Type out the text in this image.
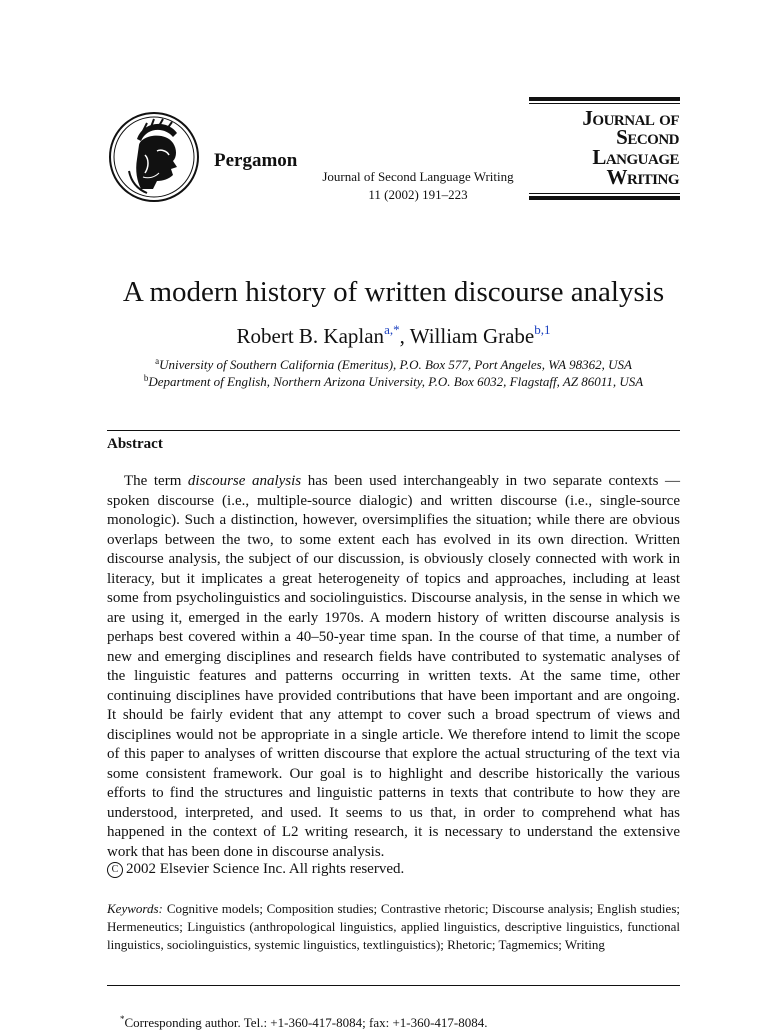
Pergamon
Journal of Second Language Writing
11 (2002) 191–223
Journal of
Second
Language
Writing
A modern history of written discourse analysis
Robert B. Kaplan$^{a,*}$, William Grabe$^{b,1}$
$^a$University of Southern California (Emeritus), P.O. Box 577, Port Angeles, WA 98362, USA
$^b$Department of English, Northern Arizona University, P.O. Box 6032, Flagstaff, AZ 86011, USA
Abstract

The term discourse analysis has been used interchangeably in two separate contexts — spoken discourse (i.e., multiple-source dialogic) and written discourse (i.e., single-source monologic). Such a distinction, however, oversimplifies the situation; while there are obvious overlaps between the two, to some extent each has evolved in its own direction. Written discourse analysis, the subject of our discussion, is obviously closely connected with work in literacy, but it implicates a great heterogeneity of topics and approaches, including at least some from psycholinguistics and sociolinguistics. Discourse analysis, in the sense in which we are using it, emerged in the early 1970s. A modern history of written discourse analysis is perhaps best covered within a 40–50-year time span. In the course of that time, a number of new and emerging disciplines and research fields have contributed to systematic analyses of the linguistic features and patterns occurring in written texts. At the same time, other continuing disciplines have provided contributions that have been important and are ongoing. It should be fairly evident that any attempt to cover such a broad spectrum of views and disciplines would not be appropriate in a single article. We therefore intend to limit the scope of this paper to analyses of written discourse that explore the actual structuring of the text via some consistent framework. Our goal is to highlight and describe historically the various efforts to find the structures and linguistic patterns in texts that contribute to how they are understood, interpreted, and used. It seems to us that, in order to comprehend what has happened in the context of L2 writing research, it is necessary to understand the extensive work that has been done in discourse analysis.

C 2002 Elsevier Science Inc. All rights reserved.

Keywords: Cognitive models; Composition studies; Contrastive rhetoric; Discourse analysis; English studies; Hermeneutics; Linguistics (anthropological linguistics, applied linguistics, descriptive linguistics, functional linguistics, sociolinguistics, systemic linguistics, textlinguistics); Rhetoric; Tagmemics; Writing

*Corresponding author. Tel.: +1-360-417-8084; fax: +1-360-417-8084.
